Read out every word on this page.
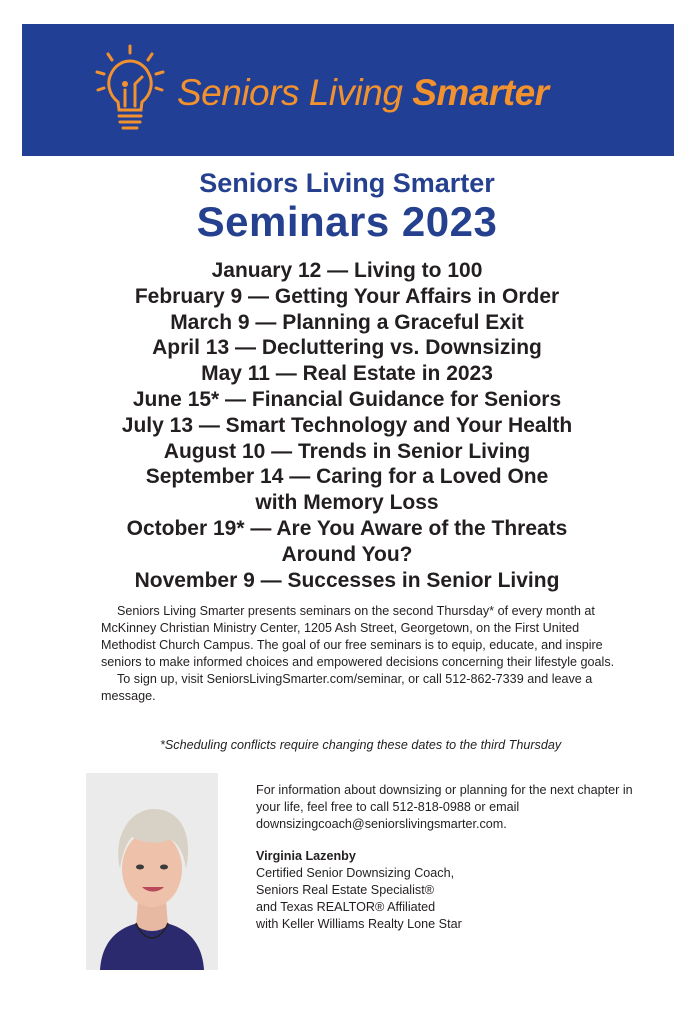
Seniors Living Smarter
Seniors Living Smarter
Seminars 2023
January 12 — Living to 100
February 9 — Getting Your Affairs in Order
March 9 — Planning a Graceful Exit
April 13 — Decluttering vs. Downsizing
May 11 — Real Estate in 2023
June 15* — Financial Guidance for Seniors
July 13 — Smart Technology and Your Health
August 10 — Trends in Senior Living
September 14 — Caring for a Loved One
with Memory Loss
October 19* — Are You Aware of the Threats
Around You?
November 9 — Successes in Senior Living

Seniors Living Smarter presents seminars on the second Thursday* of every month at McKinney Christian Ministry Center, 1205 Ash Street, Georgetown, on the First United Methodist Church Campus. The goal of our free seminars is to equip, educate, and inspire seniors to make informed choices and empowered decisions concerning their lifestyle goals.

To sign up, visit SeniorsLivingSmarter.com/seminar, or call 512-862-7339 and leave a message.

*Scheduling conflicts require changing these dates to the third Thursday

For information about downsizing or planning for the next chapter in your life, feel free to call 512-818-0988 or email downsizingcoach@seniorslivingsmarter.com.

Virginia Lazenby

Certified Senior Downsizing Coach,

Seniors Real Estate Specialist®

and Texas REALTOR® Affiliated

with Keller Williams Realty Lone Star
